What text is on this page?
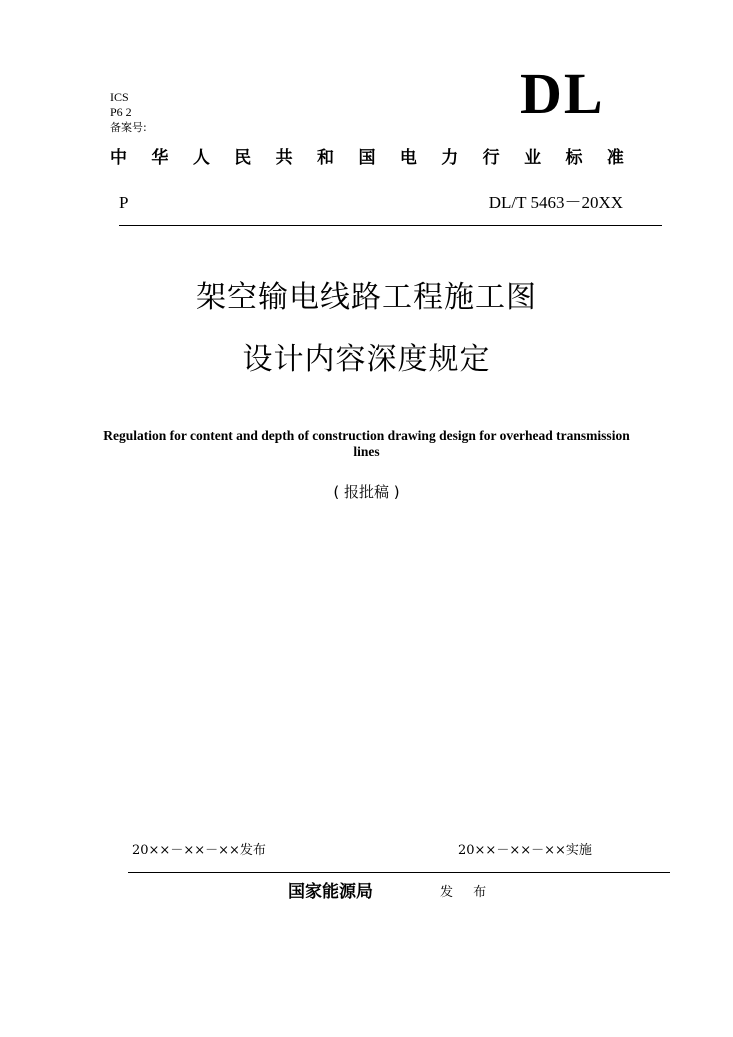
ICS
P6 2
备案号:
DL
中 华 人 民 共 和 国 电 力 行 业 标 准
P	DL/T 5463－20XX
架空输电线路工程施工图
设计内容深度规定
Regulation for content and depth of construction drawing design for overhead transmission lines
( 报批稿 )
20××－××－××发布	20××－××－××实施
国家能源局	发 布
